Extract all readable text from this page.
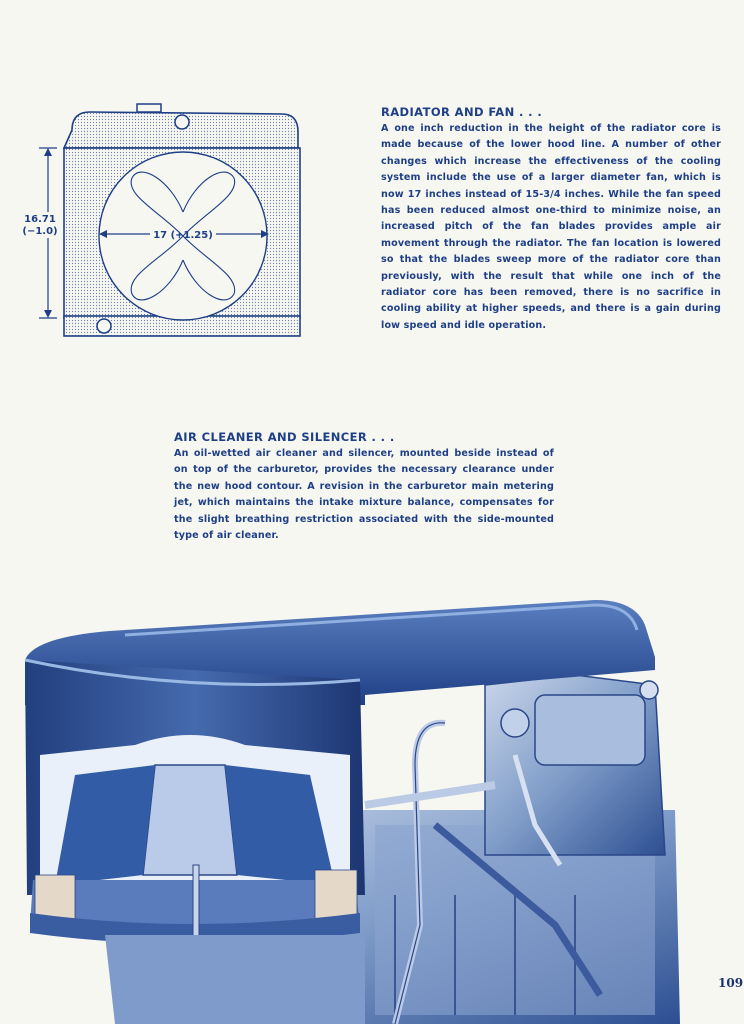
17 (+1.25)
16.71
(−1.0)

RADIATOR AND FAN . . .

A one inch reduction in the height of the radiator core is made because of the lower hood line. A number of other changes which increase the effectiveness of the cooling system include the use of a larger diameter fan, which is now 17 inches instead of 15-3/4 inches. While the fan speed has been reduced almost one-third to minimize noise, an increased pitch of the fan blades provides ample air movement through the radiator. The fan location is lowered so that the blades sweep more of the radiator core than previously, with the result that while one inch of the radiator core has been removed, there is no sacrifice in cooling ability at higher speeds, and there is a gain during low speed and idle operation.

AIR CLEANER AND SILENCER . . .

An oil-wetted air cleaner and silencer, mounted beside instead of on top of the carburetor, provides the necessary clearance under the new hood contour. A revision in the carburetor main metering jet, which maintains the intake mixture balance, compensates for the slight breathing restriction associated with the side-mounted type of air cleaner.

109
